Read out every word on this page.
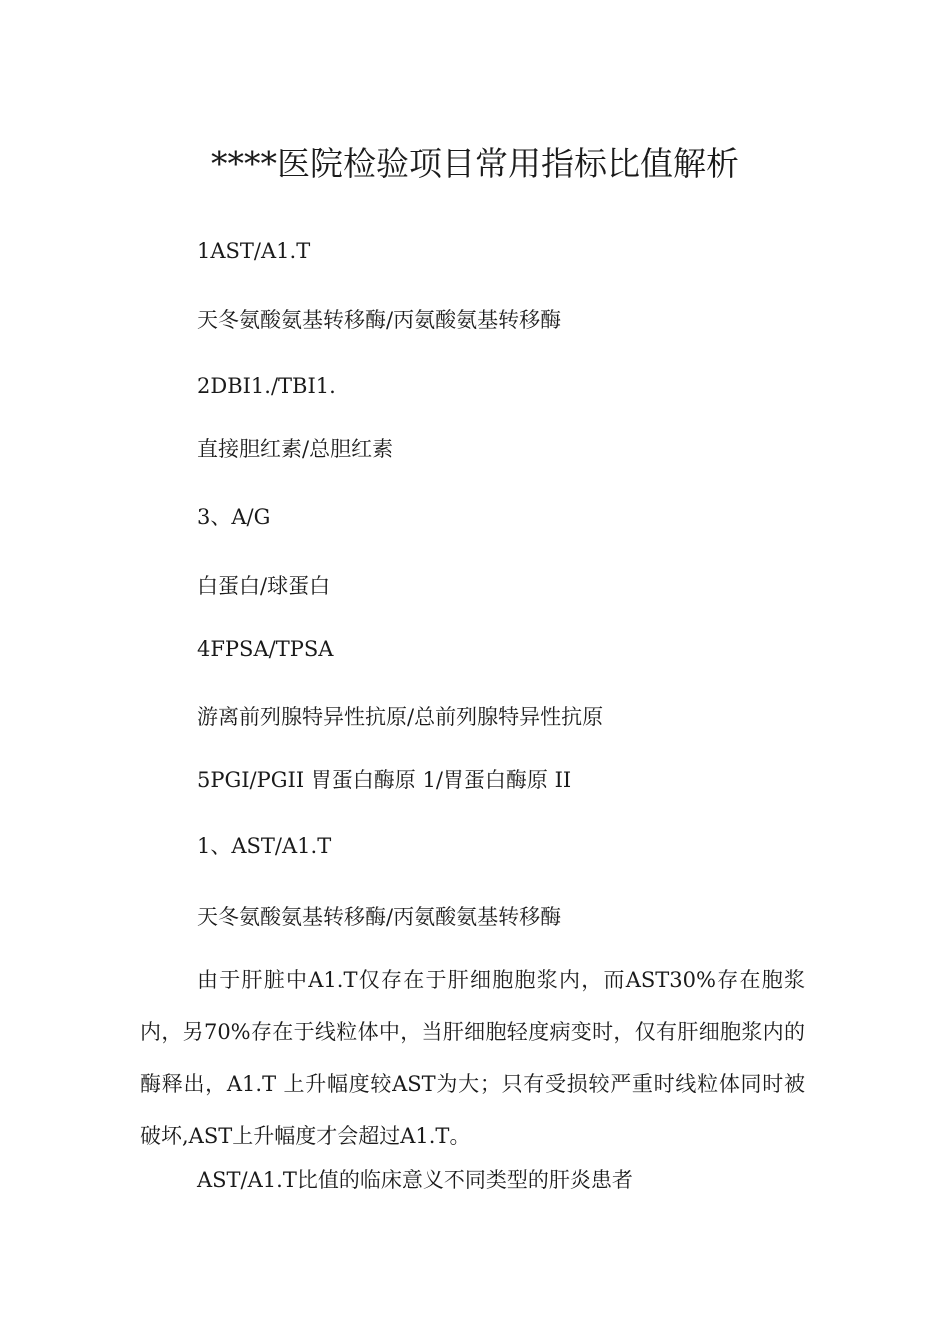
****医院检验项目常用指标比值解析
1AST/A1.T
天冬氨酸氨基转移酶/丙氨酸氨基转移酶
2DBI1./TBI1.
直接胆红素/总胆红素
3、A/G
白蛋白/球蛋白
4FPSA/TPSA
游离前列腺特异性抗原/总前列腺特异性抗原
5PGI/PGII 胃蛋白酶原 1/胃蛋白酶原 II
1、AST/A1.T
天冬氨酸氨基转移酶/丙氨酸氨基转移酶
由于肝脏中A1.T仅存在于肝细胞胞浆内，而AST30%存在胞浆内，另70%存在于线粒体中，当肝细胞轻度病变时，仅有肝细胞浆内的酶释出，A1.T 上升幅度较AST为大；只有受损较严重时线粒体同时被破坏,AST上升幅度才会超过A1.T。
AST/A1.T比值的临床意义不同类型的肝炎患者
